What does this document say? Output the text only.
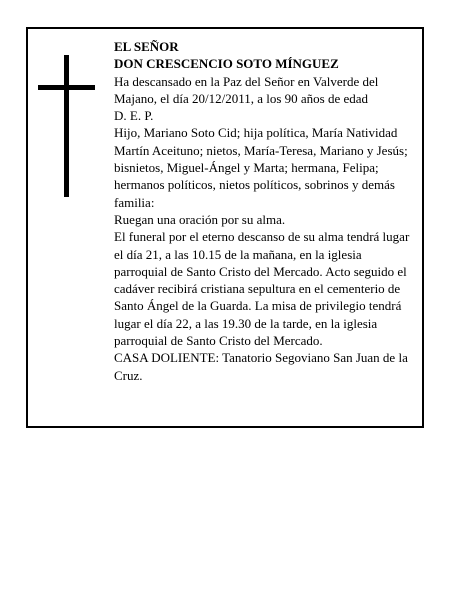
EL SEÑOR

DON CRESCENCIO SOTO MÍNGUEZ

Ha descansado en la Paz del Señor en Valverde del Majano, el día 20/12/2011, a los 90 años de edad

D. E. P.

Hijo, Mariano Soto Cid; hija política, María Natividad Martín Aceituno; nietos, María-Teresa, Mariano y Jesús; bisnietos, Miguel-Ángel y Marta; hermana, Felipa; hermanos políticos, nietos políticos, sobrinos y demás familia:

Ruegan una oración por su alma.

El funeral por el eterno descanso de su alma tendrá lugar el día 21, a las 10.15 de la mañana, en la iglesia parroquial de Santo Cristo del Mercado. Acto seguido el cadáver recibirá cristiana sepultura en el cementerio de Santo Ángel de la Guarda. La misa de privilegio tendrá lugar el día 22, a las 19.30 de la tarde, en la iglesia parroquial de Santo Cristo del Mercado.

CASA DOLIENTE: Tanatorio Segoviano San Juan de la Cruz.
